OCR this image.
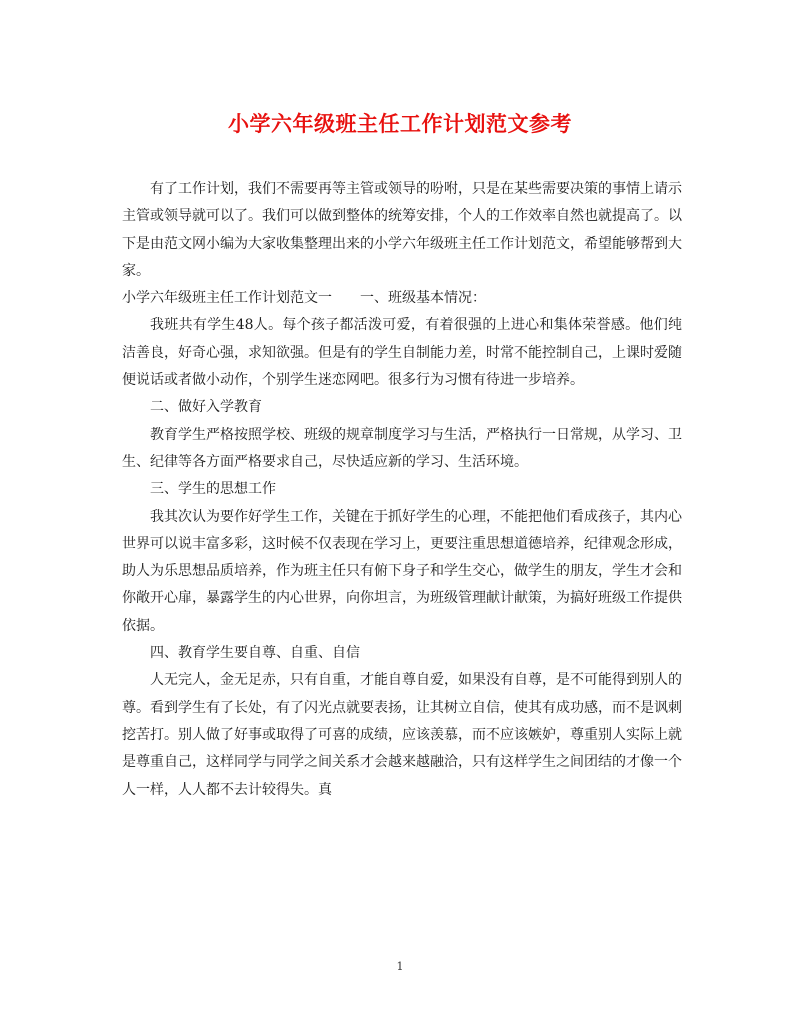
小学六年级班主任工作计划范文参考

有了工作计划，我们不需要再等主管或领导的吩咐，只是在某些需要决策的事情上请示主管或领导就可以了。我们可以做到整体的统筹安排，个人的工作效率自然也就提高了。以下是由范文网小编为大家收集整理出来的小学六年级班主任工作计划范文，希望能够帮到大家。

小学六年级班主任工作计划范文一　　一、班级基本情况：

我班共有学生48人。每个孩子都活泼可爱，有着很强的上进心和集体荣誉感。他们纯洁善良，好奇心强，求知欲强。但是有的学生自制能力差，时常不能控制自己，上课时爱随便说话或者做小动作，个别学生迷恋网吧。很多行为习惯有待进一步培养。

二、做好入学教育

教育学生严格按照学校、班级的规章制度学习与生活，严格执行一日常规，从学习、卫生、纪律等各方面严格要求自己，尽快适应新的学习、生活环境。

三、学生的思想工作

我其次认为要作好学生工作，关键在于抓好学生的心理，不能把他们看成孩子，其内心世界可以说丰富多彩，这时候不仅表现在学习上，更要注重思想道德培养，纪律观念形成，助人为乐思想品质培养，作为班主任只有俯下身子和学生交心，做学生的朋友，学生才会和你敞开心扉，暴露学生的内心世界，向你坦言，为班级管理献计献策，为搞好班级工作提供依据。

四、教育学生要自尊、自重、自信

人无完人，金无足赤，只有自重，才能自尊自爱，如果没有自尊，是不可能得到别人的尊。看到学生有了长处，有了闪光点就要表扬，让其树立自信，使其有成功感，而不是讽刺挖苦打。别人做了好事或取得了可喜的成绩，应该羡慕，而不应该嫉妒，尊重别人实际上就是尊重自己，这样同学与同学之间关系才会越来越融洽，只有这样学生之间团结的才像一个人一样，人人都不去计较得失。真

1
